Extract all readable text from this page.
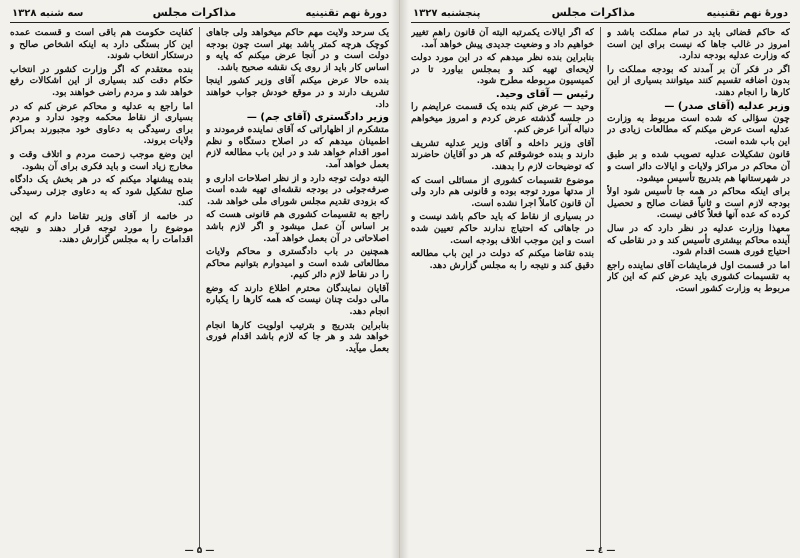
دورهٔ نهم تقنینیه
مذاکرات مجلس
سه شنبه ۱۳۲۸

یک سرحد ولایت مهم حاکم میخواهد ولی جاهای کوچک هرچه کمتر باشد بهتر است چون بودجه دولت است و در آنجا عرض میکنم که پایه و اساس کار باید از روی یک نقشه صحیح باشد.

بنده حالا عرض میکنم آقای وزیر کشور اینجا تشریف دارند و در موقع خودش جواب خواهند داد.

وزیر دادگستری (آقای جم) —

متشکرم از اظهاراتی که آقای نماینده فرمودند و اطمینان میدهم که در اصلاح دستگاه و نظم امور اقدام خواهد شد و در این باب مطالعه لازم بعمل خواهد آمد.

البته دولت توجه دارد و از نظر اصلاحات اداری و صرفه‌جوئی در بودجه نقشه‌ای تهیه شده است که بزودی تقدیم مجلس شورای ملی خواهد شد.

راجع به تقسیمات کشوری هم قانونی هست که بر اساس آن عمل میشود و اگر لازم باشد اصلاحاتی در آن بعمل خواهد آمد.

همچنین در باب دادگستری و محاکم ولایات مطالعاتی شده است و امیدوارم بتوانیم محاکم را در نقاط لازم دائر کنیم.

آقایان نمایندگان محترم اطلاع دارند که وضع مالی دولت چنان نیست که همه کارها را یکباره انجام دهد.

بنابراین بتدریج و بترتیب اولویت کارها انجام خواهد شد و هر جا که لازم باشد اقدام فوری بعمل میآید.

کفایت حکومت هم باقی است و قسمت عمده این کار بستگی دارد به اینکه اشخاص صالح و درستکار انتخاب شوند.

بنده معتقدم که اگر وزارت کشور در انتخاب حکام دقت کند بسیاری از این اشکالات رفع خواهد شد و مردم راضی خواهند بود.

اما راجع به عدلیه و محاکم عرض کنم که در بسیاری از نقاط محکمه وجود ندارد و مردم برای رسیدگی به دعاوی خود مجبورند بمراکز ولایات بروند.

این وضع موجب زحمت مردم و اتلاف وقت و مخارج زیاد است و باید فکری برای آن بشود.

بنده پیشنهاد میکنم که در هر بخش یک دادگاه صلح تشکیل شود که به دعاوی جزئی رسیدگی کند.

در خاتمه از آقای وزیر تقاضا دارم که این موضوع را مورد توجه قرار دهند و نتیجه اقدامات را به مجلس گزارش دهند.

— ۵ —
دورهٔ نهم تقنینیه
مذاکرات مجلس
پنجشنبه ۱۳۲۷

که حاکم قضائی باید در تمام مملکت باشد و امروز در غالب جاها که نیست برای این است که وزارت عدلیه بودجه ندارد.

اگر در فکر آن بر آمدند که بودجه مملکت را بدون اضافه تقسیم کنند میتوانند بسیاری از این کارها را انجام دهند.

وزیر عدلیه (آقای صدر) —

چون سؤالی که شده است مربوط به وزارت عدلیه است عرض میکنم که مطالعات زیادی در این باب شده است.

قانون تشکیلات عدلیه تصویب شده و بر طبق آن محاکم در مراکز ولایات و ایالات دائر است و در شهرستانها هم بتدریج تأسیس میشود.

برای اینکه محاکم در همه جا تأسیس شود اولاً بودجه لازم است و ثانیاً قضات صالح و تحصیل کرده که عده آنها فعلاً کافی نیست.

معهذا وزارت عدلیه در نظر دارد که در سال آینده محاکم بیشتری تأسیس کند و در نقاطی که احتیاج فوری هست اقدام شود.

اما در قسمت اول فرمایشات آقای نماینده راجع به تقسیمات کشوری باید عرض کنم که این کار مربوط به وزارت کشور است.

که اگر ایالات یکمرتبه البته آن قانون راهم تغییر خواهیم داد و وضعیت جدیدی پیش خواهد آمد.

بنابراین بنده نظر میدهم که در این مورد دولت لایحه‌ای تهیه کند و بمجلس بیاورد تا در کمیسیون مربوطه مطرح شود.

رئیس — آقای وحید.

وحید — عرض کنم بنده یک قسمت عرایضم را در جلسه گذشته عرض کردم و امروز میخواهم دنباله آنرا عرض کنم.

آقای وزیر داخله و آقای وزیر عدلیه تشریف دارند و بنده خوشوقتم که هر دو آقایان حاضرند که توضیحات لازم را بدهند.

موضوع تقسیمات کشوری از مسائلی است که از مدتها مورد توجه بوده و قانونی هم دارد ولی آن قانون کاملاً اجرا نشده است.

در بسیاری از نقاط که باید حاکم باشد نیست و در جاهائی که احتیاج ندارند حاکم تعیین شده است و این موجب اتلاف بودجه است.

بنده تقاضا میکنم که دولت در این باب مطالعه دقیق کند و نتیجه را به مجلس گزارش دهد.

— ٤ —
